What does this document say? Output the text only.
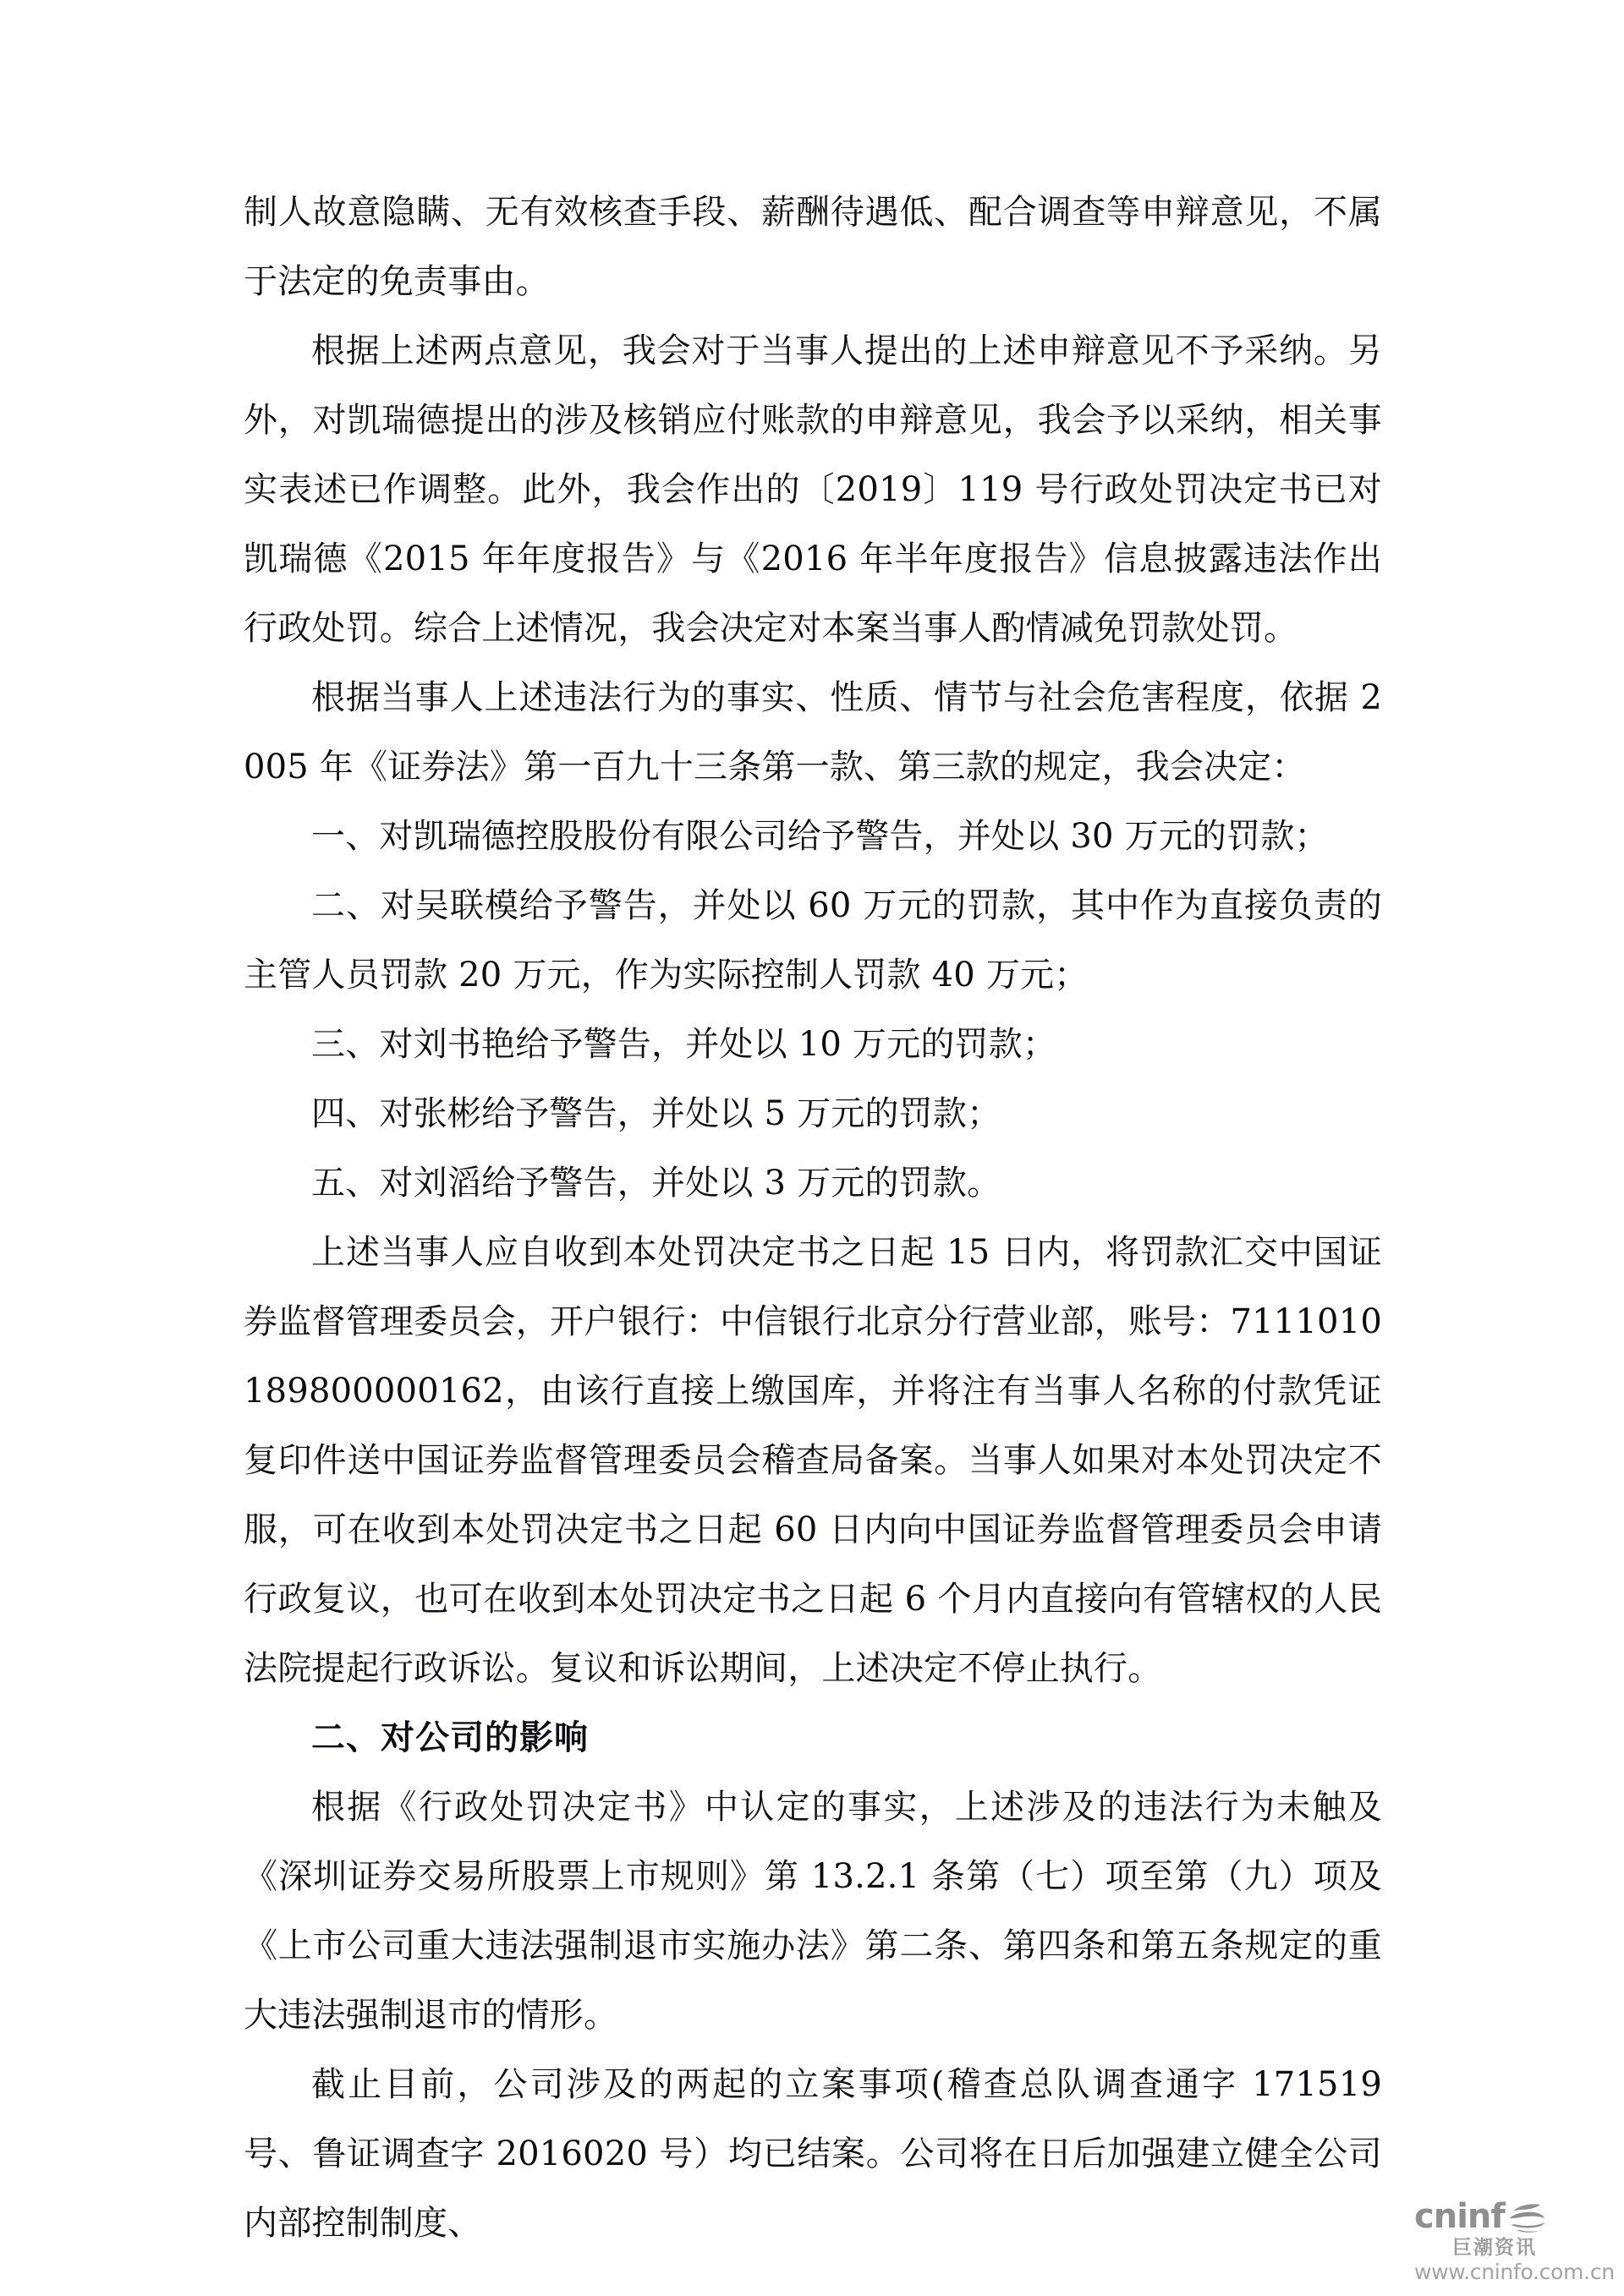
制人故意隐瞒、无有效核查手段、薪酬待遇低、配合调查等申辩意见，不属于法定的免责事由。

根据上述两点意见，我会对于当事人提出的上述申辩意见不予采纳。另外，对凯瑞德提出的涉及核销应付账款的申辩意见，我会予以采纳，相关事实表述已作调整。此外，我会作出的〔2019〕119 号行政处罚决定书已对凯瑞德《2015 年年度报告》与《2016 年半年度报告》信息披露违法作出行政处罚。综合上述情况，我会决定对本案当事人酌情减免罚款处罚。

根据当事人上述违法行为的事实、性质、情节与社会危害程度，依据 2005 年《证券法》第一百九十三条第一款、第三款的规定，我会决定：

一、对凯瑞德控股股份有限公司给予警告，并处以 30 万元的罚款；

二、对吴联模给予警告，并处以 60 万元的罚款，其中作为直接负责的主管人员罚款 20 万元，作为实际控制人罚款 40 万元；

三、对刘书艳给予警告，并处以 10 万元的罚款；

四、对张彬给予警告，并处以 5 万元的罚款；

五、对刘滔给予警告，并处以 3 万元的罚款。

上述当事人应自收到本处罚决定书之日起 15 日内，将罚款汇交中国证券监督管理委员会，开户银行：中信银行北京分行营业部，账号：7111010189800000162，由该行直接上缴国库，并将注有当事人名称的付款凭证复印件送中国证券监督管理委员会稽查局备案。当事人如果对本处罚决定不服，可在收到本处罚决定书之日起 60 日内向中国证券监督管理委员会申请行政复议，也可在收到本处罚决定书之日起 6 个月内直接向有管辖权的人民法院提起行政诉讼。复议和诉讼期间，上述决定不停止执行。

二、对公司的影响

根据《行政处罚决定书》中认定的事实，上述涉及的违法行为未触及《深圳证券交易所股票上市规则》第 13.2.1 条第（七）项至第（九）项及《上市公司重大违法强制退市实施办法》第二条、第四条和第五条规定的重大违法强制退市的情形。

截止目前，公司涉及的两起的立案事项(稽查总队调查通字 171519 号、鲁证调查字 2016020 号）均已结案。公司将在日后加强建立健全公司内部控制制度、	cninf
巨潮资讯
www.cninfo.com.cn
